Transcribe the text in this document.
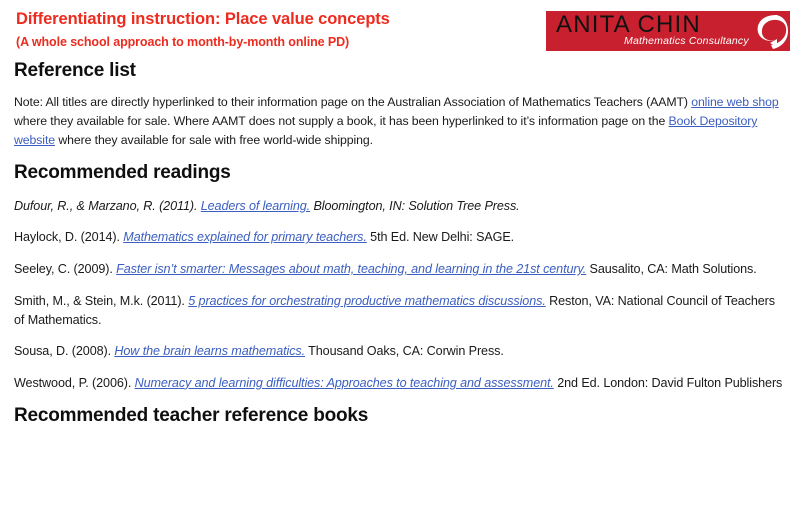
Differentiating instruction: Place value concepts
(A whole school approach to month-by-month online PD)
ANITA CHIN
Mathematics Consultancy
Reference list

Note: All titles are directly hyperlinked to their information page on the Australian Association of Mathematics Teachers (AAMT) online web shop where they available for sale. Where AAMT does not supply a book, it has been hyperlinked to it’s information page on the Book Depository website where they available for sale with free world-wide shipping.

Recommended readings

Dufour, R., & Marzano, R. (2011). Leaders of learning. Bloomington, IN: Solution Tree Press.

Haylock, D. (2014). Mathematics explained for primary teachers. 5th Ed. New Delhi: SAGE.

Seeley, C. (2009). Faster isn’t smarter: Messages about math, teaching, and learning in the 21st century. Sausalito, CA: Math Solutions.

Smith, M., & Stein, M.k. (2011). 5 practices for orchestrating productive mathematics discussions. Reston, VA: National Council of Teachers of Mathematics.

Sousa, D. (2008). How the brain learns mathematics. Thousand Oaks, CA: Corwin Press.

Westwood, P. (2006). Numeracy and learning difficulties: Approaches to teaching and assessment. 2nd Ed. London: David Fulton Publishers

Recommended teacher reference books
